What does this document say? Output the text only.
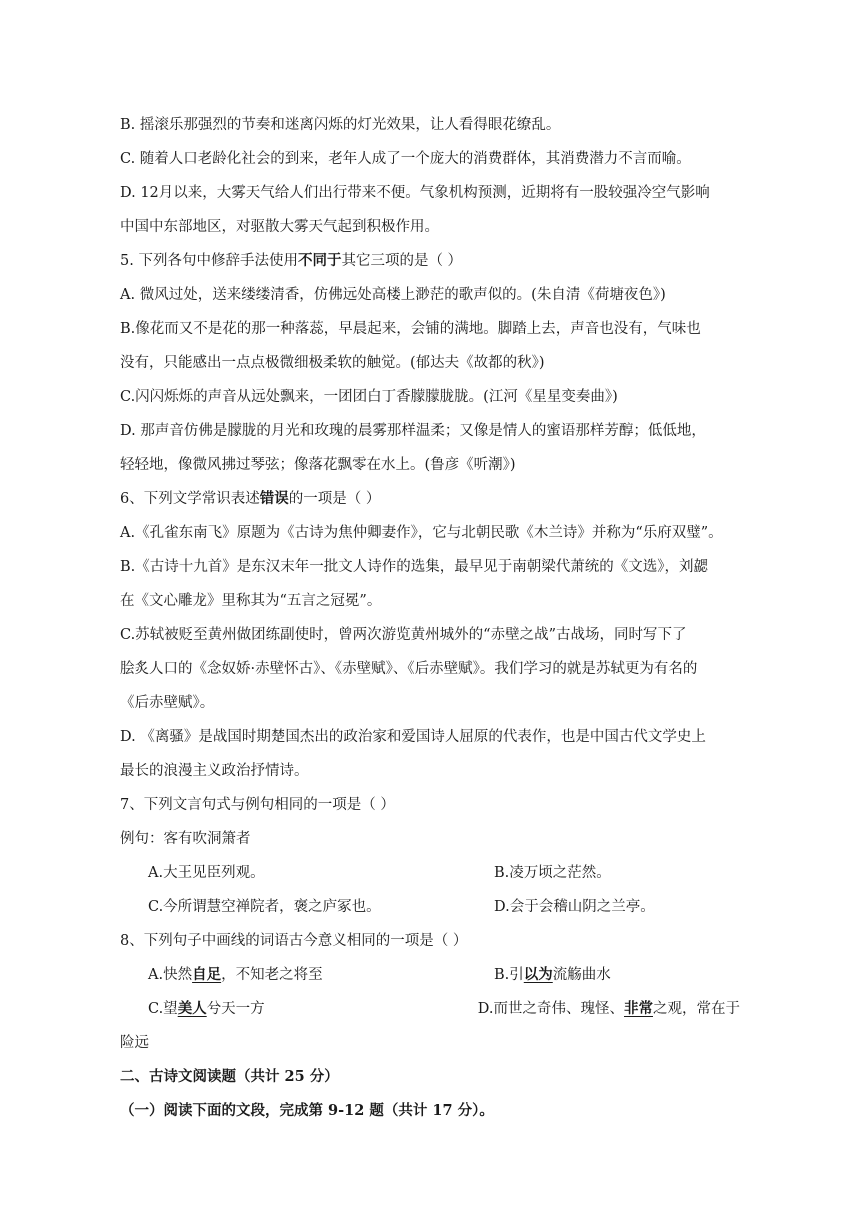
B. 摇滚乐那强烈的节奏和迷离闪烁的灯光效果，让人看得眼花缭乱。
C. 随着人口老龄化社会的到来，老年人成了一个庞大的消费群体，其消费潜力不言而喻。
D. 12月以来，大雾天气给人们出行带来不便。气象机构预测，近期将有一股较强冷空气影响
中国中东部地区，对驱散大雾天气起到积极作用。
5. 下列各句中修辞手法使用不同于其它三项的是（ ）
A. 微风过处，送来缕缕清香，仿佛远处高楼上渺茫的歌声似的。(朱自清《荷塘夜色》)
B.像花而又不是花的那一种落蕊，早晨起来，会铺的满地。脚踏上去，声音也没有，气味也
没有，只能感出一点点极微细极柔软的触觉。(郁达夫《故都的秋》)
C.闪闪烁烁的声音从远处飘来，一团团白丁香朦朦胧胧。(江河《星星变奏曲》)
D. 那声音仿佛是朦胧的月光和玫瑰的晨雾那样温柔；又像是情人的蜜语那样芳醇；低低地，
轻轻地，像微风拂过琴弦；像落花飘零在水上。(鲁彦《听潮》)
6、下列文学常识表述错误的一项是（ ）
A.《孔雀东南飞》原题为《古诗为焦仲卿妻作》，它与北朝民歌《木兰诗》并称为“乐府双璧”。
B.《古诗十九首》是东汉末年一批文人诗作的选集，最早见于南朝梁代萧统的《文选》，刘勰
在《文心雕龙》里称其为“五言之冠冕”。
C.苏轼被贬至黄州做团练副使时，曾两次游览黄州城外的“赤壁之战”古战场，同时写下了
脍炙人口的《念奴娇·赤壁怀古》、《赤壁赋》、《后赤壁赋》。我们学习的就是苏轼更为有名的
《后赤壁赋》。
D. 《离骚》是战国时期楚国杰出的政治家和爱国诗人屈原的代表作，也是中国古代文学史上
最长的浪漫主义政治抒情诗。
7、下列文言句式与例句相同的一项是（ ）
例句：客有吹洞箫者
A.大王见臣列观。	B.凌万顷之茫然。
C.今所谓慧空禅院者，褒之庐冢也。	D.会于会稽山阴之兰亭。
8、下列句子中画线的词语古今意义相同的一项是（ ）
A.快然自足，不知老之将至	B.引以为流觞曲水
C.望美人兮天一方	D.而世之奇伟、瑰怪、非常之观，常在于
险远
二、古诗文阅读题（共计 25 分）
（一）阅读下面的文段，完成第 9-12 题（共计 17 分）。
